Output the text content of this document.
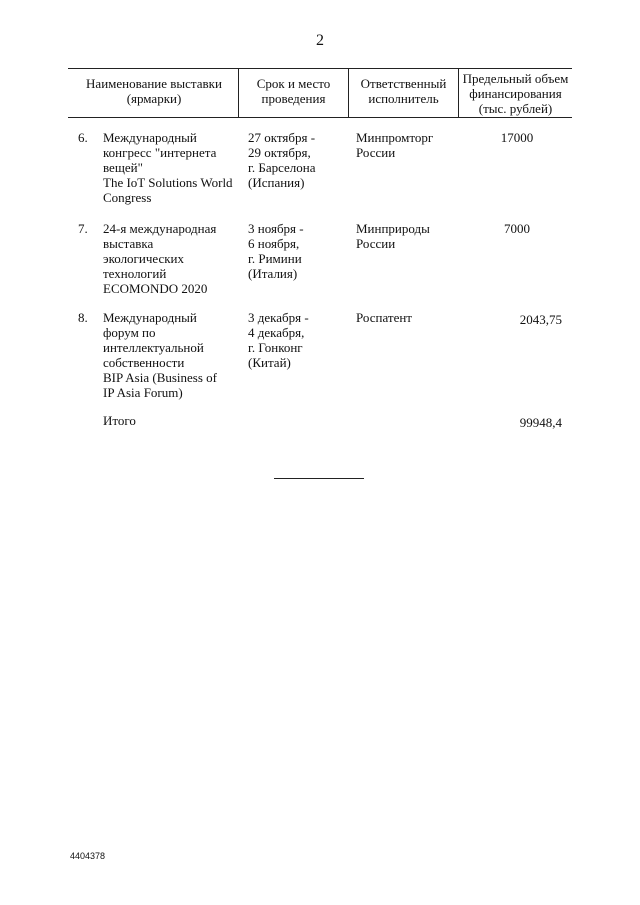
2
Наименование выставки
(ярмарки)
Срок и место
проведения
Ответственный
исполнитель
Предельный объем
финансирования
(тыс. рублей)
6. Международный
конгресс "интернета
вещей"
The IoT Solutions World
Congress
27 октября -
29 октября,
г. Барселона
(Испания)
Минпромторг
России
17000
7. 24-я международная
выставка
экологических
технологий
ECOMONDO 2020
3 ноября -
6 ноября,
г. Римини
(Италия)
Минприроды
России
7000
8. Международный
форум по
интеллектуальной
собственности
BIP Asia (Business of
IP Asia Forum)
3 декабря -
4 декабря,
г. Гонконг
(Китай)
Роспатент	2043,75
Итого	99948,4
4404378
